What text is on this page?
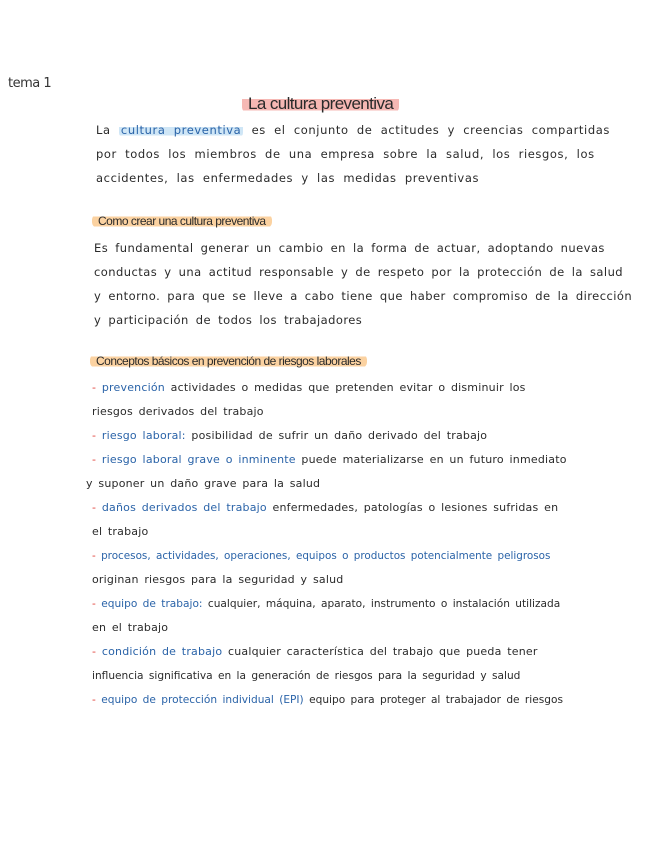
tema 1
La cultura preventiva
La cultura preventiva es el conjunto de actitudes y creencias compartidas
por todos los miembros de una empresa sobre la salud, los riesgos, los
accidentes, las enfermedades y las medidas preventivas
Como crear una cultura preventiva
Es fundamental generar un cambio en la forma de actuar, adoptando nuevas
conductas y una actitud responsable y de respeto por la protección de la salud
y entorno. para que se lleve a cabo tiene que haber compromiso de la dirección
y participación de todos los trabajadores
Conceptos básicos en prevención de riesgos laborales
- prevención actividades o medidas que pretenden evitar o disminuir los
riesgos derivados del trabajo
- riesgo laboral: posibilidad de sufrir un daño derivado del trabajo
- riesgo laboral grave o inminente puede materializarse en un futuro inmediato
y suponer un daño grave para la salud
- daños derivados del trabajo enfermedades, patologías o lesiones sufridas en
el trabajo
- procesos, actividades, operaciones, equipos o productos potencialmente peligrosos
originan riesgos para la seguridad y salud
- equipo de trabajo: cualquier, máquina, aparato, instrumento o instalación utilizada
en el trabajo
- condición de trabajo cualquier característica del trabajo que pueda tener
influencia significativa en la generación de riesgos para la seguridad y salud
- equipo de protección individual (EPI) equipo para proteger al trabajador de riesgos
